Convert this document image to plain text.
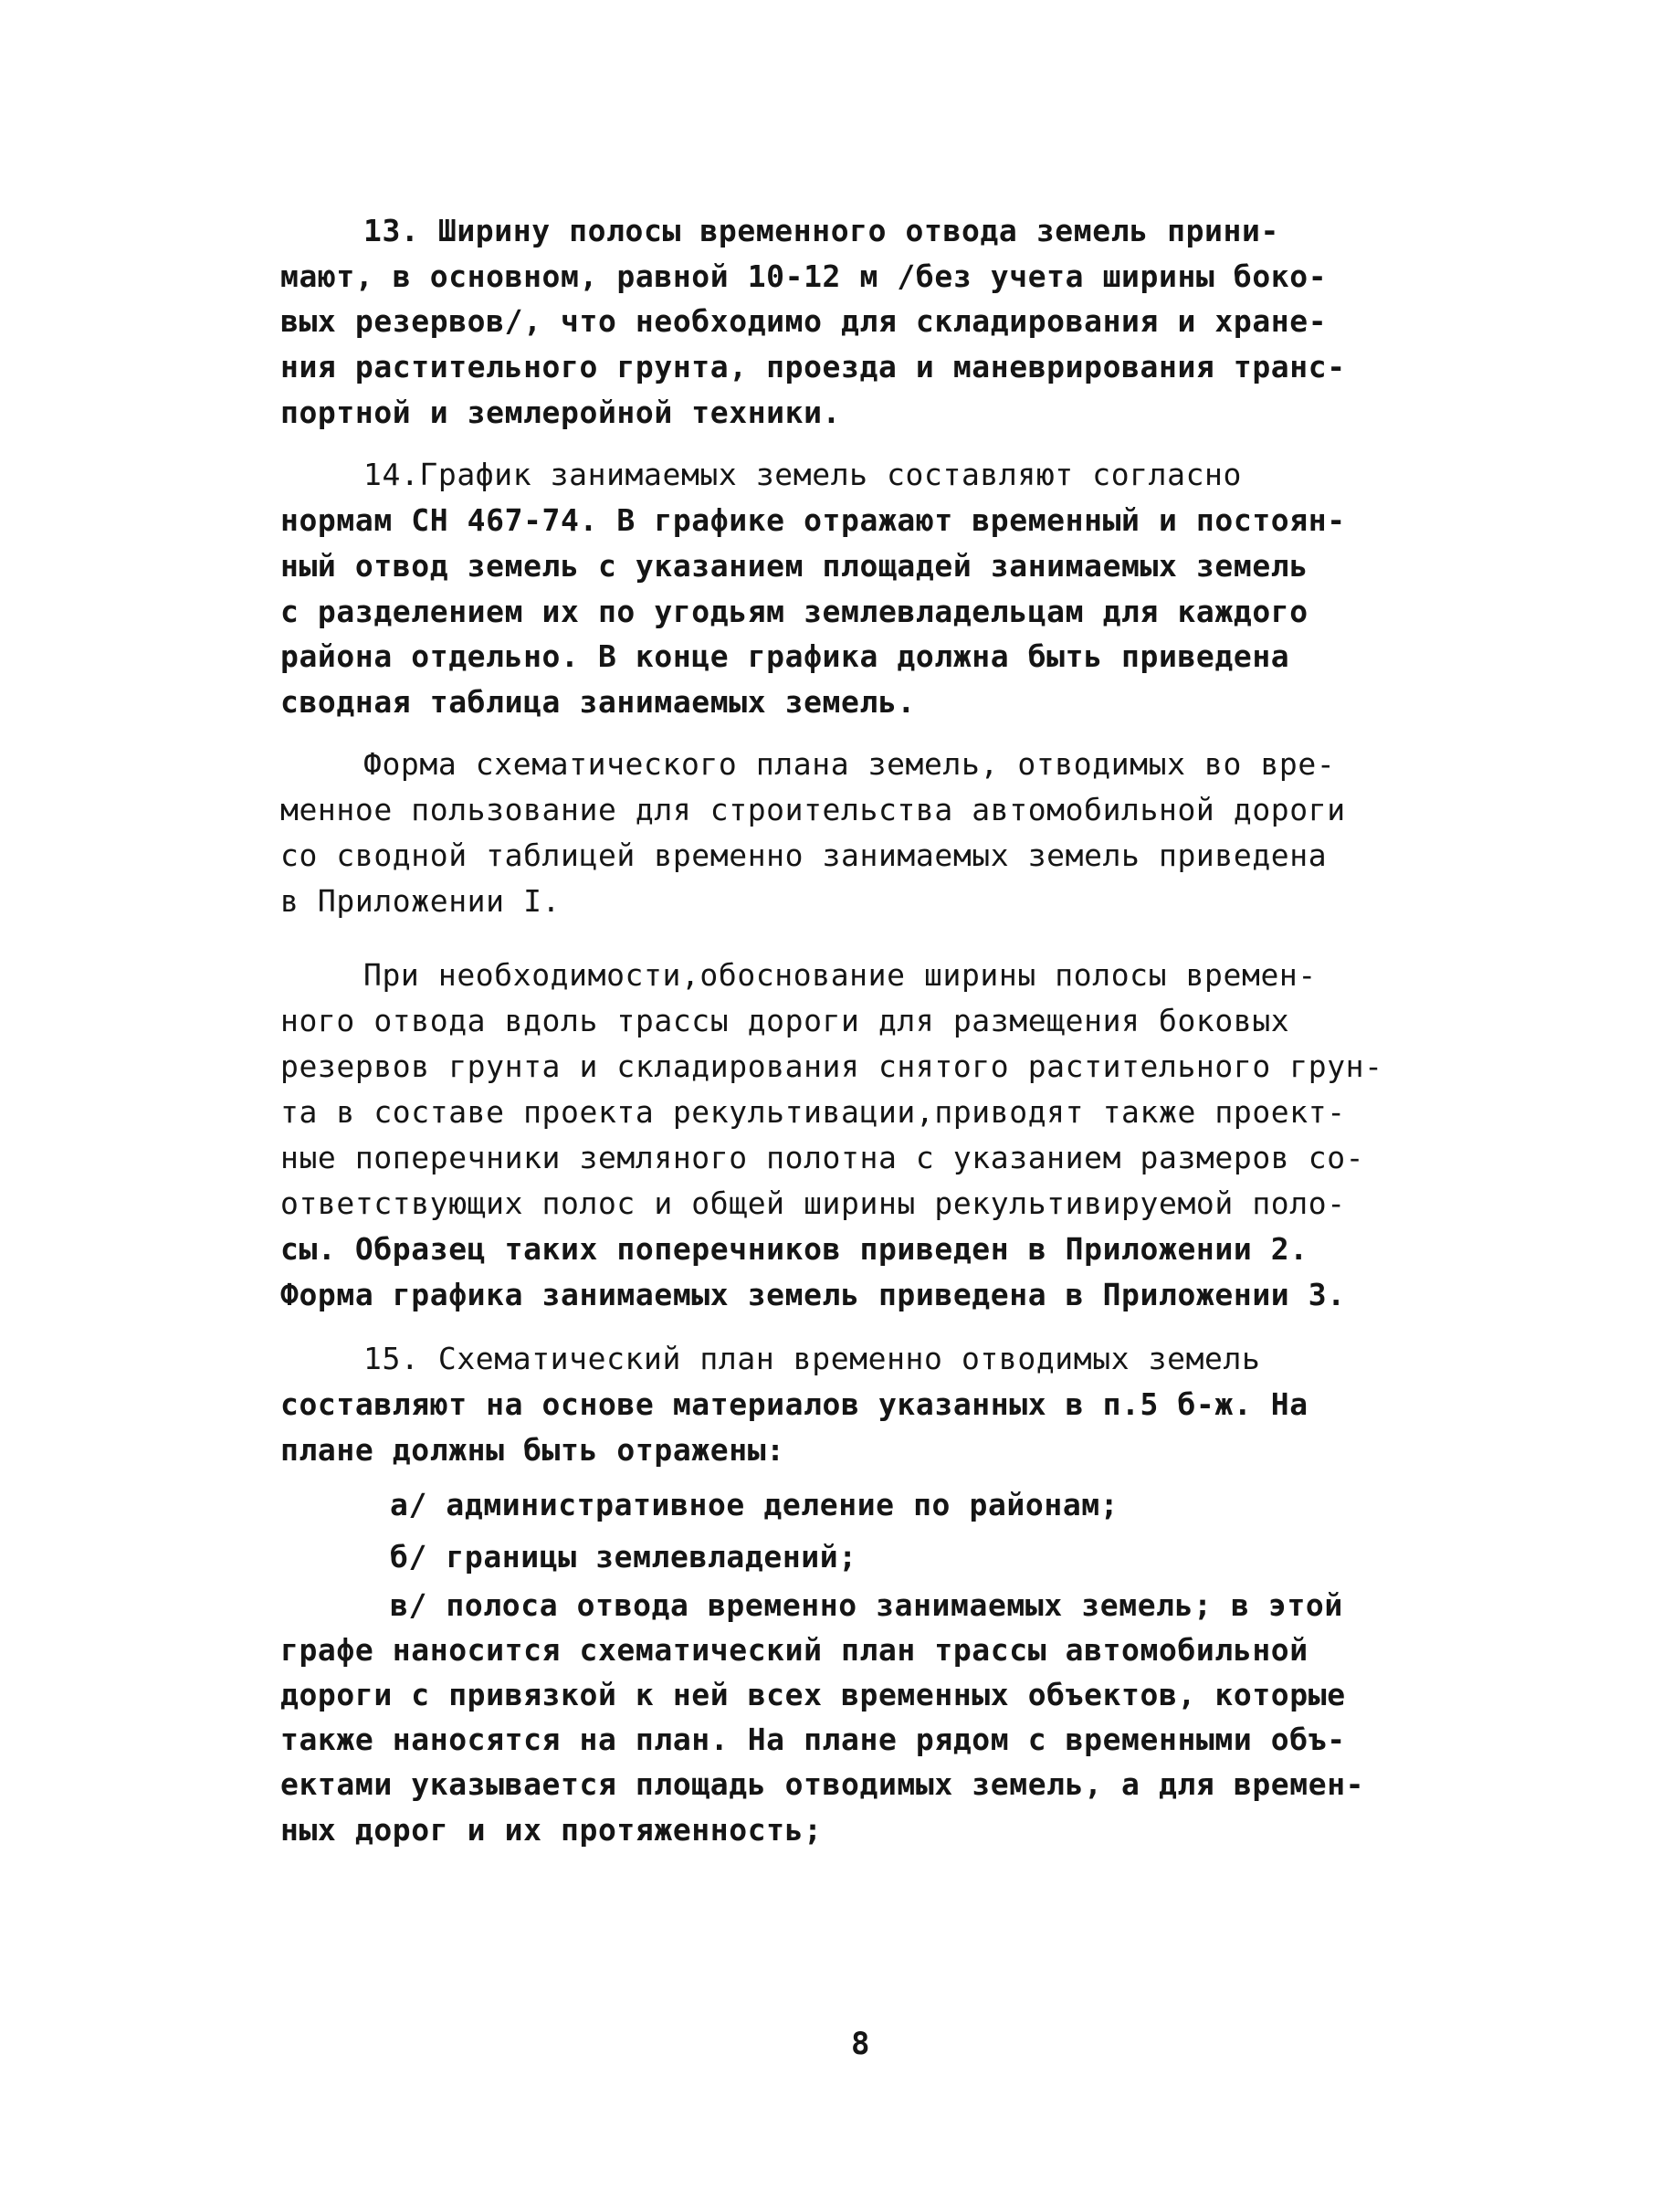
13. Ширину полосы временного отвода земель прини-
мают, в основном, равной 10-12 м /без учета ширины боко-
вых резервов/, что необходимо для складирования и хране-
ния растительного грунта, проезда и маневрирования транс-
портной и землеройной техники.
14.График занимаемых земель составляют согласно
нормам СН 467-74. В графике отражают временный и постоян-
ный отвод земель с указанием площадей занимаемых земель
с разделением их по угодьям землевладельцам для каждого
района отдельно. В конце графика должна быть приведена
сводная таблица занимаемых земель.
Форма схематического плана земель, отводимых во вре-
менное пользование для строительства автомобильной дороги
со сводной таблицей временно занимаемых земель приведена
в Приложении I.
При необходимости,обоснование ширины полосы времен-
ного отвода вдоль трассы дороги для размещения боковых
резервов грунта и складирования снятого растительного грун-
та в составе проекта рекультивации,приводят также проект-
ные поперечники земляного полотна с указанием размеров со-
ответствующих полос и общей ширины рекультивируемой поло-
сы. Образец таких поперечников приведен в Приложении 2.
Форма графика занимаемых земель приведена в Приложении 3.
15. Схематический план временно отводимых земель
составляют на основе материалов указанных в п.5 б-ж. На
плане должны быть отражены:
а/ административное деление по районам;
б/ границы землевладений;
в/ полоса отвода временно занимаемых земель; в этой
графе наносится схематический план трассы автомобильной
дороги с привязкой к ней всех временных объектов, которые
также наносятся на план. На плане рядом с временными объ-
ектами указывается площадь отводимых земель, а для времен-
ных дорог и их протяженность;
8
